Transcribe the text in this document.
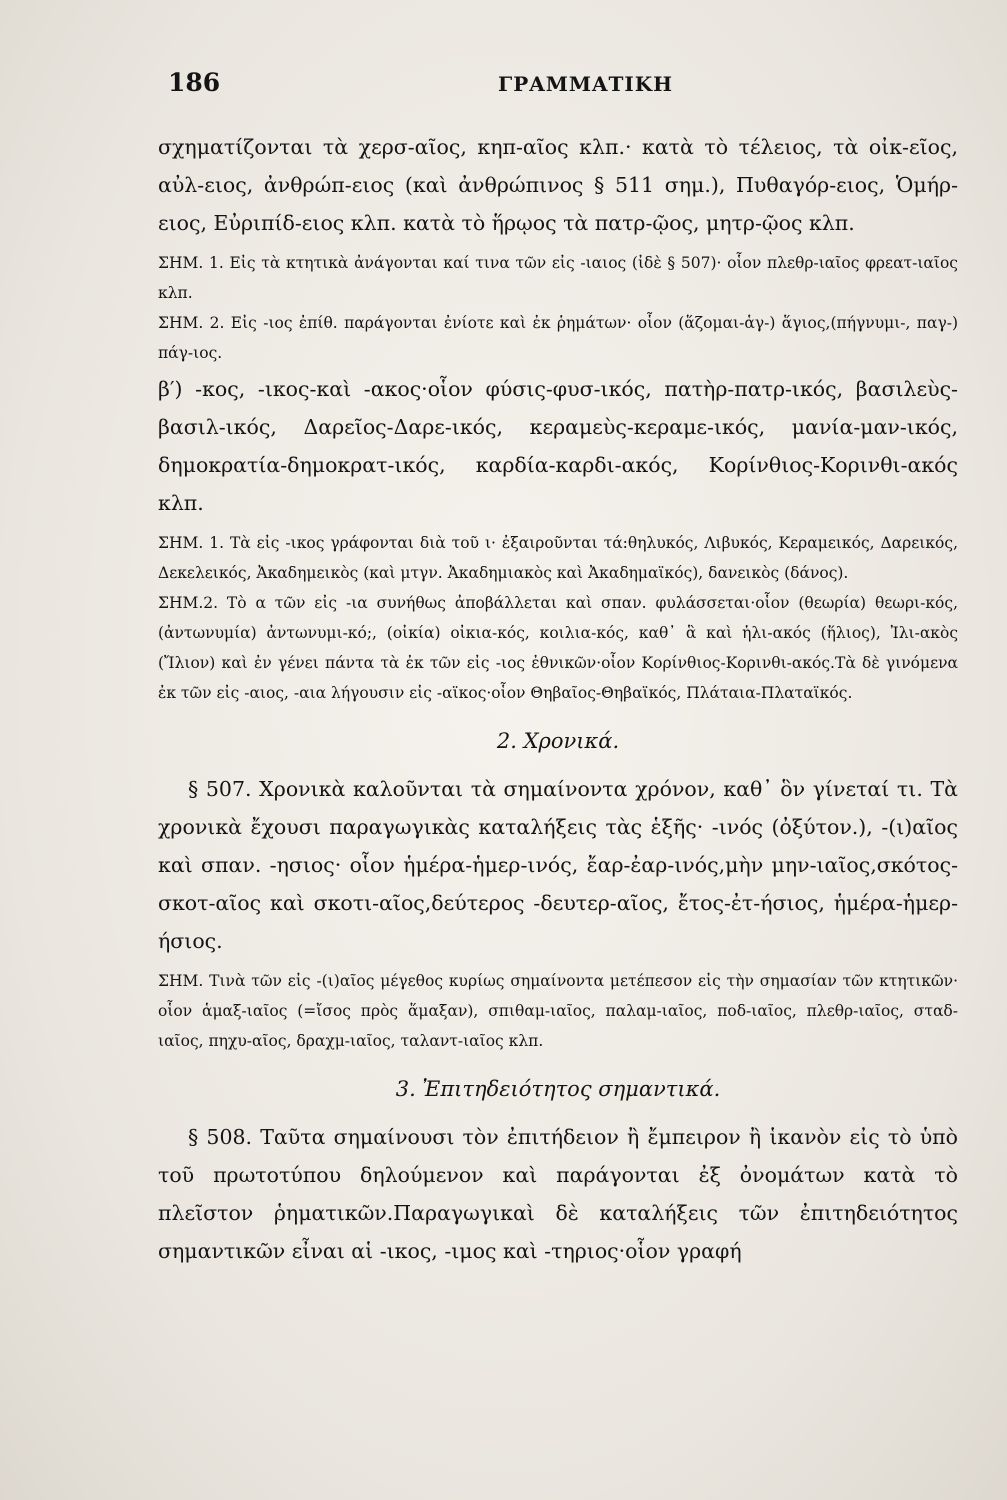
186	ΓΡΑΜΜΑΤΙΚΗ

σχηματίζονται τὰ χερσ-αῖος, κηπ-αῖος κλπ.· κατὰ τὸ τέλειος, τὰ οἰκ-εῖος, αὐλ-ειος, ἀνθρώπ-ειος (καὶ ἀνθρώπινος § 511 σημ.), Πυθαγόρ-ειος, Ὁμήρ-ειος, Εὐριπίδ-ειος κλπ. κατὰ τὸ ἥρῳος τὰ πατρ-ῷος, μητρ-ῷος κλπ.

ΣΗΜ. 1. Εἰς τὰ κτητικὰ ἀνάγονται καί τινα τῶν εἰς -ιαιος (ἰδὲ § 507)· οἷον πλεθρ-ιαῖος φρεατ-ιαῖος κλπ.

ΣΗΜ. 2. Εἰς -ιος ἐπίθ. παράγονται ἐνίοτε καὶ ἐκ ῥημάτων· οἷον (ἅζομαι-ἁγ-) ἅγιος,(πήγνυμι-, παγ-) πάγ-ιος.

β′) -κος, -ικος-καὶ -ακος·οἷον φύσις-φυσ-ικός, πατὴρ-πατρ-ικός, βασιλεὺς-βασιλ-ικός, Δαρεῖος-Δαρε-ικός, κεραμεὺς-κεραμε-ικός, μανία-μαν-ικός, δημοκρατία-δημοκρατ-ικός, καρδία-καρδι-ακός, Κορίνθιος-Κορινθι-ακός κλπ.

ΣΗΜ. 1. Τὰ εἰς -ικος γράφονται διὰ τοῦ ι· ἐξαιροῦνται τά:θηλυκός, Λιβυκός, Κεραμεικός, Δαρεικός, Δεκελεικός, Ἀκαδημεικὸς (καὶ μτγν. Ἀκαδημιακὸς καὶ Ἀκαδημαϊκός), δανεικὸς (δάνος).

ΣΗΜ.2. Τὸ α τῶν εἰς -ια συνήθως ἀποβάλλεται καὶ σπαν. φυλάσσεται·οἷον (θεωρία) θεωρι-κός, (ἀντωνυμία) ἀντωνυμι-κό;, (οἰκία) οἰκια-κός, κοιλια-κός, καθ᾽ ἃ καὶ ἡλι-ακός (ἥλιος), Ἰλι-ακὸς (Ἴλιον) καὶ ἐν γένει πάντα τὰ ἐκ τῶν εἰς -ιος ἐθνικῶν·οἷον Κορίνθιος-Κορινθι-ακός.Τὰ δὲ γινόμενα ἐκ τῶν εἰς -αιος, -αια λήγουσιν εἰς -αϊκος·οἷον Θηβαῖος-Θηβαϊκός, Πλάταια-Πλαταϊκός.

2. Χρονικά.

§ 507. Χρονικὰ καλοῦνται τὰ σημαίνοντα χρόνον, καθ᾽ ὃν γίνεταί τι. Τὰ χρονικὰ ἔχουσι παραγωγικὰς καταλήξεις τὰς ἑξῆς· -ινός (ὀξύτον.), -(ι)αῖος καὶ σπαν. -ησιος· οἷον ἡμέρα-ἡμερ-ινός, ἔαρ-ἐαρ-ινός,μὴν μην-ιαῖος,σκότος-σκοτ-αῖος καὶ σκοτι-αῖος,δεύτερος -δευτερ-αῖος, ἔτος-ἐτ-ήσιος, ἡμέρα-ἡμερ-ήσιος.

ΣΗΜ. Τινὰ τῶν εἰς -(ι)αῖος μέγεθος κυρίως σημαίνοντα μετέπεσον εἰς τὴν σημασίαν τῶν κτητικῶν· οἷον ἁμαξ-ιαῖος (=ἴσος πρὸς ἅμαξαν), σπιθαμ-ιαῖος, παλαμ-ιαῖος, ποδ-ιαῖος, πλεθρ-ιαῖος, σταδ-ιαῖος, πηχυ-αῖος, δραχμ-ιαῖος, ταλαντ-ιαῖος κλπ.

3. Ἐπιτηδειότητος σημαντικά.

§ 508. Ταῦτα σημαίνουσι τὸν ἐπιτήδειον ἢ ἔμπειρον ἢ ἱκανὸν εἰς τὸ ὑπὸ τοῦ πρωτοτύπου δηλούμενον καὶ παράγονται ἐξ ὀνομάτων κατὰ τὸ πλεῖστον ῥηματικῶν.Παραγωγικαὶ δὲ καταλήξεις τῶν ἐπιτηδειότητος σημαντικῶν εἶναι αἱ -ικος, -ιμος καὶ -τηριος·οἷον γραφή
